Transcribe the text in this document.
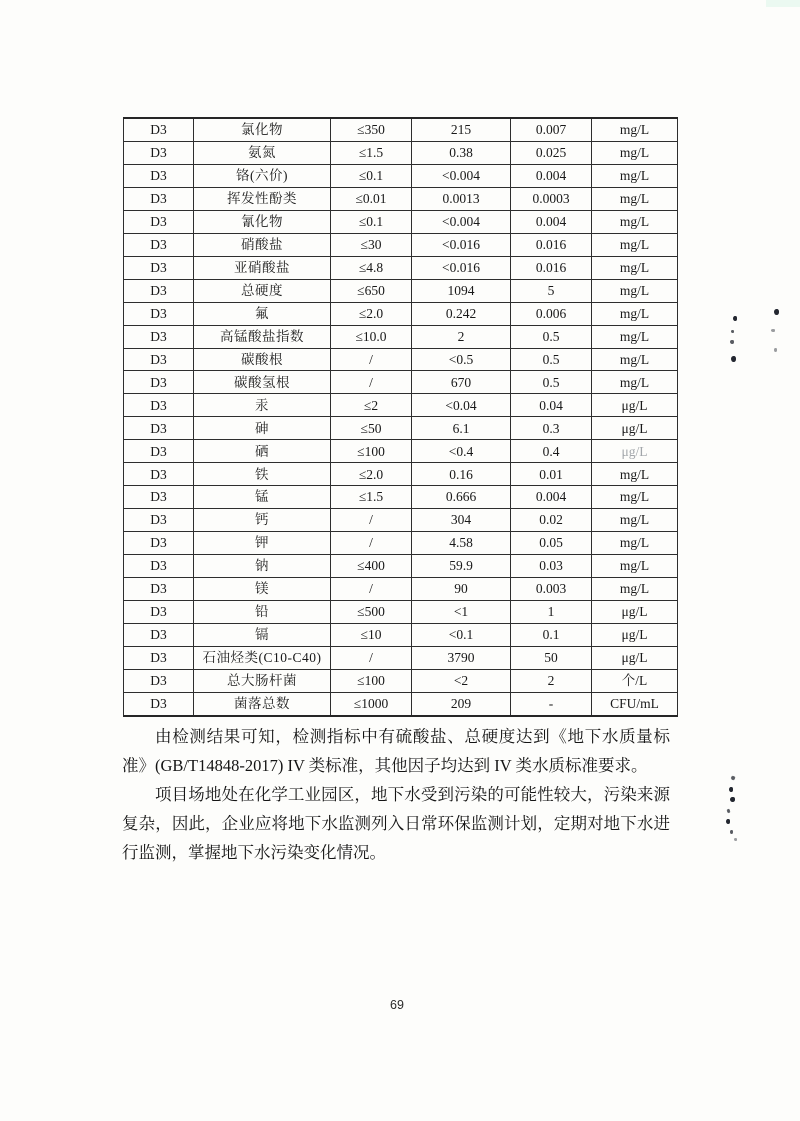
D3	氯化物	≤350	215	0.007	mg/L
D3	氨氮	≤1.5	0.38	0.025	mg/L
D3	铬(六价)	≤0.1	<0.004	0.004	mg/L
D3	挥发性酚类	≤0.01	0.0013	0.0003	mg/L
D3	氰化物	≤0.1	<0.004	0.004	mg/L
D3	硝酸盐	≤30	<0.016	0.016	mg/L
D3	亚硝酸盐	≤4.8	<0.016	0.016	mg/L
D3	总硬度	≤650	1094	5	mg/L
D3	氟	≤2.0	0.242	0.006	mg/L
D3	高锰酸盐指数	≤10.0	2	0.5	mg/L
D3	碳酸根	/	<0.5	0.5	mg/L
D3	碳酸氢根	/	670	0.5	mg/L
D3	汞	≤2	<0.04	0.04	μg/L
D3	砷	≤50	6.1	0.3	μg/L
D3	硒	≤100	<0.4	0.4	μg/L
D3	铁	≤2.0	0.16	0.01	mg/L
D3	锰	≤1.5	0.666	0.004	mg/L
D3	钙	/	304	0.02	mg/L
D3	钾	/	4.58	0.05	mg/L
D3	钠	≤400	59.9	0.03	mg/L
D3	镁	/	90	0.003	mg/L
D3	铅	≤500	<1	1	μg/L
D3	镉	≤10	<0.1	0.1	μg/L
D3	石油烃类(C10-C40)	/	3790	50	μg/L
D3	总大肠杆菌	≤100	<2	2	个/L
D3	菌落总数	≤1000	209	-	CFU/mL

由检测结果可知，检测指标中有硫酸盐、总硬度达到《地下水质量标准》(GB/T14848-2017) IV 类标准，其他因子均达到 IV 类水质标准要求。

项目场地处在化学工业园区，地下水受到污染的可能性较大，污染来源复杂，因此，企业应将地下水监测列入日常环保监测计划，定期对地下水进行监测，掌握地下水污染变化情况。

69
